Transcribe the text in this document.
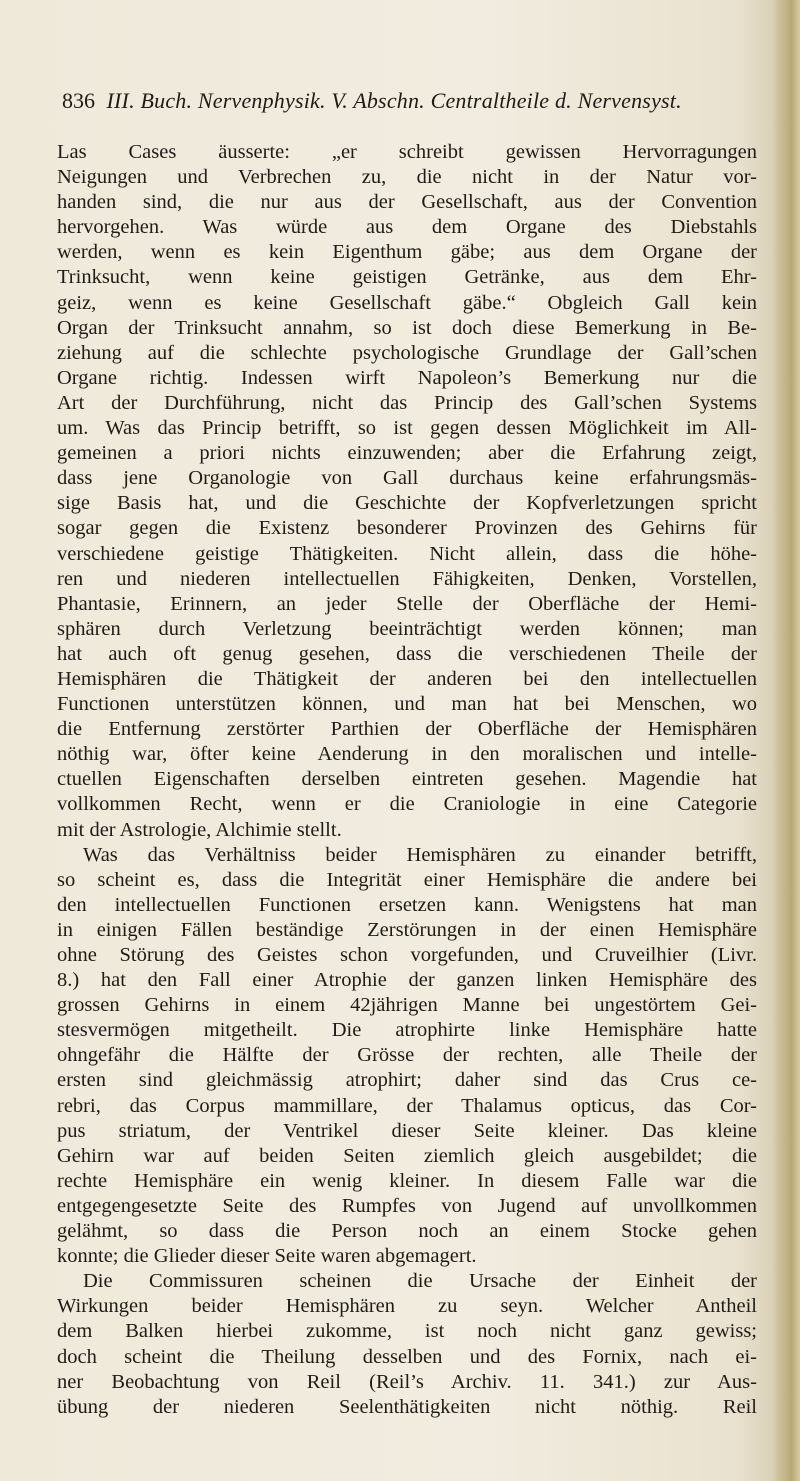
836 III. Buch. Nervenphysik. V. Abschn. Centraltheile d. Nervensyst.
Las Cases äusserte: „er schreibt gewissen Hervorragungen
Neigungen und Verbrechen zu, die nicht in der Natur vor-
handen sind, die nur aus der Gesellschaft, aus der Convention
hervorgehen. Was würde aus dem Organe des Diebstahls
werden, wenn es kein Eigenthum gäbe; aus dem Organe der
Trinksucht, wenn keine geistigen Getränke, aus dem Ehr-
geiz, wenn es keine Gesellschaft gäbe.“ Obgleich Gall kein
Organ der Trinksucht annahm, so ist doch diese Bemerkung in Be-
ziehung auf die schlechte psychologische Grundlage der Gall’schen
Organe richtig. Indessen wirft Napoleon’s Bemerkung nur die
Art der Durchführung, nicht das Princip des Gall’schen Systems
um. Was das Princip betrifft, so ist gegen dessen Möglichkeit im All-
gemeinen a priori nichts einzuwenden; aber die Erfahrung zeigt,
dass jene Organologie von Gall durchaus keine erfahrungsmäs-
sige Basis hat, und die Geschichte der Kopfverletzungen spricht
sogar gegen die Existenz besonderer Provinzen des Gehirns für
verschiedene geistige Thätigkeiten. Nicht allein, dass die höhe-
ren und niederen intellectuellen Fähigkeiten, Denken, Vorstellen,
Phantasie, Erinnern, an jeder Stelle der Oberfläche der Hemi-
sphären durch Verletzung beeinträchtigt werden können; man
hat auch oft genug gesehen, dass die verschiedenen Theile der
Hemisphären die Thätigkeit der anderen bei den intellectuellen
Functionen unterstützen können, und man hat bei Menschen, wo
die Entfernung zerstörter Parthien der Oberfläche der Hemisphären
nöthig war, öfter keine Aenderung in den moralischen und intelle-
ctuellen Eigenschaften derselben eintreten gesehen. Magendie hat
vollkommen Recht, wenn er die Craniologie in eine Categorie
mit der Astrologie, Alchimie stellt.
Was das Verhältniss beider Hemisphären zu einander betrifft,
so scheint es, dass die Integrität einer Hemisphäre die andere bei
den intellectuellen Functionen ersetzen kann. Wenigstens hat man
in einigen Fällen beständige Zerstörungen in der einen Hemisphäre
ohne Störung des Geistes schon vorgefunden, und Cruveilhier (Livr.
8.) hat den Fall einer Atrophie der ganzen linken Hemisphäre des
grossen Gehirns in einem 42jährigen Manne bei ungestörtem Gei-
stesvermögen mitgetheilt. Die atrophirte linke Hemisphäre hatte
ohngefähr die Hälfte der Grösse der rechten, alle Theile der
ersten sind gleichmässig atrophirt; daher sind das Crus ce-
rebri, das Corpus mammillare, der Thalamus opticus, das Cor-
pus striatum, der Ventrikel dieser Seite kleiner. Das kleine
Gehirn war auf beiden Seiten ziemlich gleich ausgebildet; die
rechte Hemisphäre ein wenig kleiner. In diesem Falle war die
entgegengesetzte Seite des Rumpfes von Jugend auf unvollkommen
gelähmt, so dass die Person noch an einem Stocke gehen
konnte; die Glieder dieser Seite waren abgemagert.
Die Commissuren scheinen die Ursache der Einheit der
Wirkungen beider Hemisphären zu seyn. Welcher Antheil
dem Balken hierbei zukomme, ist noch nicht ganz gewiss;
doch scheint die Theilung desselben und des Fornix, nach ei-
ner Beobachtung von Reil (Reil’s Archiv. 11. 341.) zur Aus-
übung der niederen Seelenthätigkeiten nicht nöthig. Reil
